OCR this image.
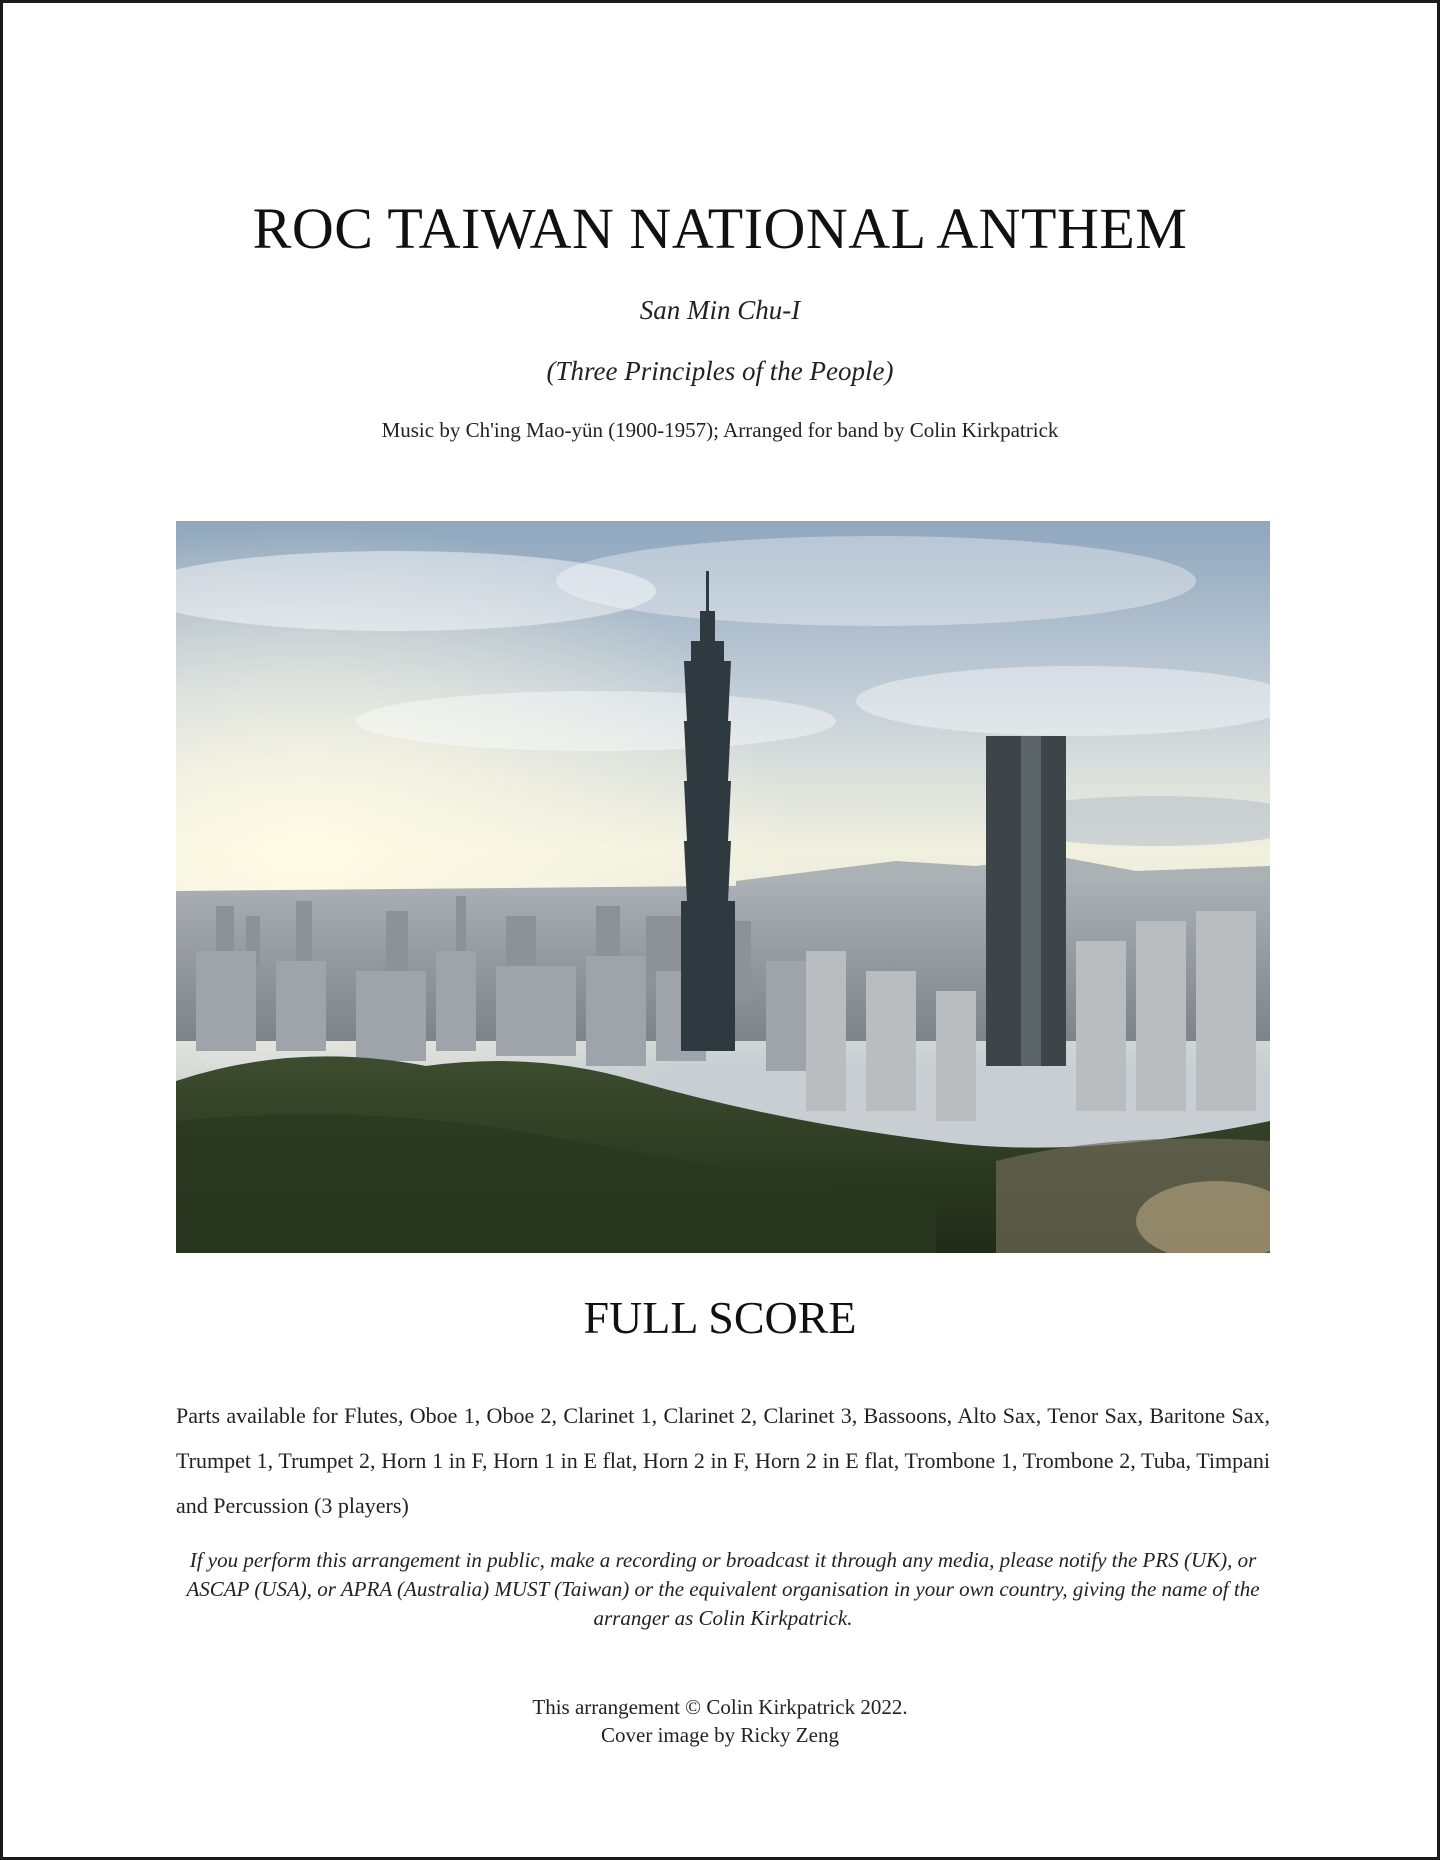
ROC TAIWAN NATIONAL ANTHEM
San Min Chu-I
(Three Principles of the People)
Music by Ch'ing Mao-yün (1900-1957); Arranged for band by Colin Kirkpatrick
FULL SCORE
Parts available for Flutes, Oboe 1, Oboe 2, Clarinet 1, Clarinet 2, Clarinet 3, Bassoons, Alto Sax, Tenor Sax, Baritone Sax, Trumpet 1, Trumpet 2, Horn 1 in F, Horn 1 in E flat, Horn 2 in F, Horn 2 in E flat, Trombone 1, Trombone 2, Tuba, Timpani and Percussion (3 players)
If you perform this arrangement in public, make a recording or broadcast it through any media, please notify the PRS (UK), or ASCAP (USA), or APRA (Australia) MUST (Taiwan) or the equivalent organisation in your own country, giving the name of the arranger as Colin Kirkpatrick.
This arrangement © Colin Kirkpatrick 2022.
Cover image by Ricky Zeng
